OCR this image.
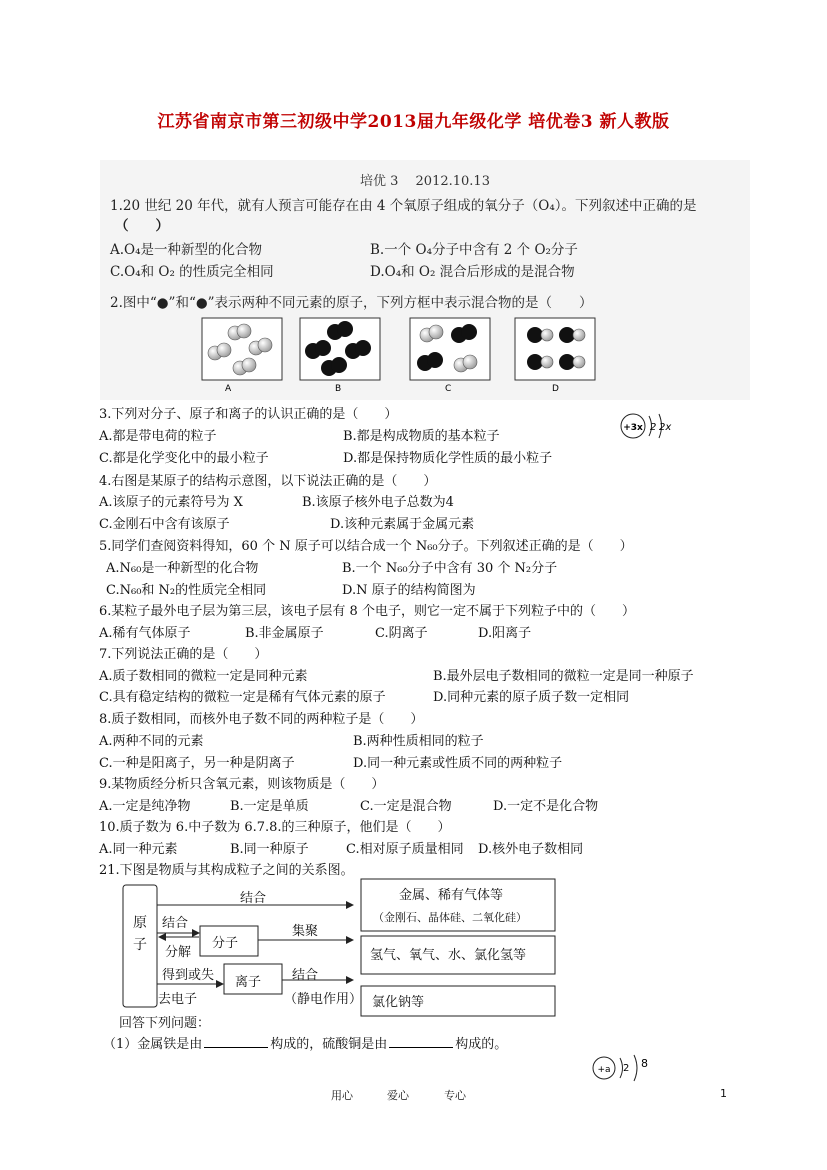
江苏省南京市第三初级中学2013届九年级化学 培优卷3 新人教版
培优 3　 2012.10.13
1.20 世纪 20 年代，就有人预言可能存在由 4 个氧原子组成的氧分子（O₄）。下列叙述中正确的是
（　　）
A.O₄是一种新型的化合物	B.一个 O₄分子中含有 2 个 O₂分子
C.O₄和 O₂ 的性质完全相同	D.O₄和 O₂ 混合后形成的是混合物
2.图中“●”和“●”表示两种不同元素的原子，下列方框中表示混合物的是（　　）
A	B	C	D
3.下列对分子、原子和离子的认识正确的是（　　）
A.都是带电荷的粒子	B.都是构成物质的基本粒子
C.都是化学变化中的最小粒子	D.都是保持物质化学性质的最小粒子
+3x 2 2x
4.右图是某原子的结构示意图，以下说法正确的是（　　）
A.该原子的元素符号为 X	B.该原子核外电子总数为4
C.金刚石中含有该原子	D.该种元素属于金属元素
5.同学们查阅资料得知，60 个 N 原子可以结合成一个 N₆₀分子。下列叙述正确的是（　　）
A.N₆₀是一种新型的化合物	B.一个 N₆₀分子中含有 30 个 N₂分子
C.N₆₀和 N₂的性质完全相同	D.N 原子的结构简图为
6.某粒子最外电子层为第三层，该电子层有 8 个电子，则它一定不属于下列粒子中的（　　）
A.稀有气体原子	B.非金属原子	C.阴离子	D.阳离子
7.下列说法正确的是（　　）
A.质子数相同的微粒一定是同种元素	B.最外层电子数相同的微粒一定是同一种原子
C.具有稳定结构的微粒一定是稀有气体元素的原子	D.同种元素的原子质子数一定相同
8.质子数相同，而核外电子数不同的两种粒子是（　　）
A.两种不同的元素	B.两种性质相同的粒子
C.一种是阳离子，另一种是阴离子	D.同一种元素或性质不同的两种粒子
9.某物质经分析只含氧元素，则该物质是（　　）
A.一定是纯净物	B.一定是单质	C.一定是混合物	D.一定不是化合物
10.质子数为 6.中子数为 6.7.8.的三种原子，他们是（　　）
A.同一种元素	B.同一种原子	C.相对原子质量相同 D.核外电子数相同
21.下图是物质与其构成粒子之间的关系图。
原子	分子
离子
结合
结合
分解
集聚
得到或失
去电子
结合
（静电作用）
金属、稀有气体等
（金刚石、晶体硅、二氧化硅）
氢气、氧气、水、氯化氢等
氯化钠等
回答下列问题：
（1）金属铁是由	构成的，硫酸铜是由	构成的。
+a 2 8
用心	爱心	专心	1
